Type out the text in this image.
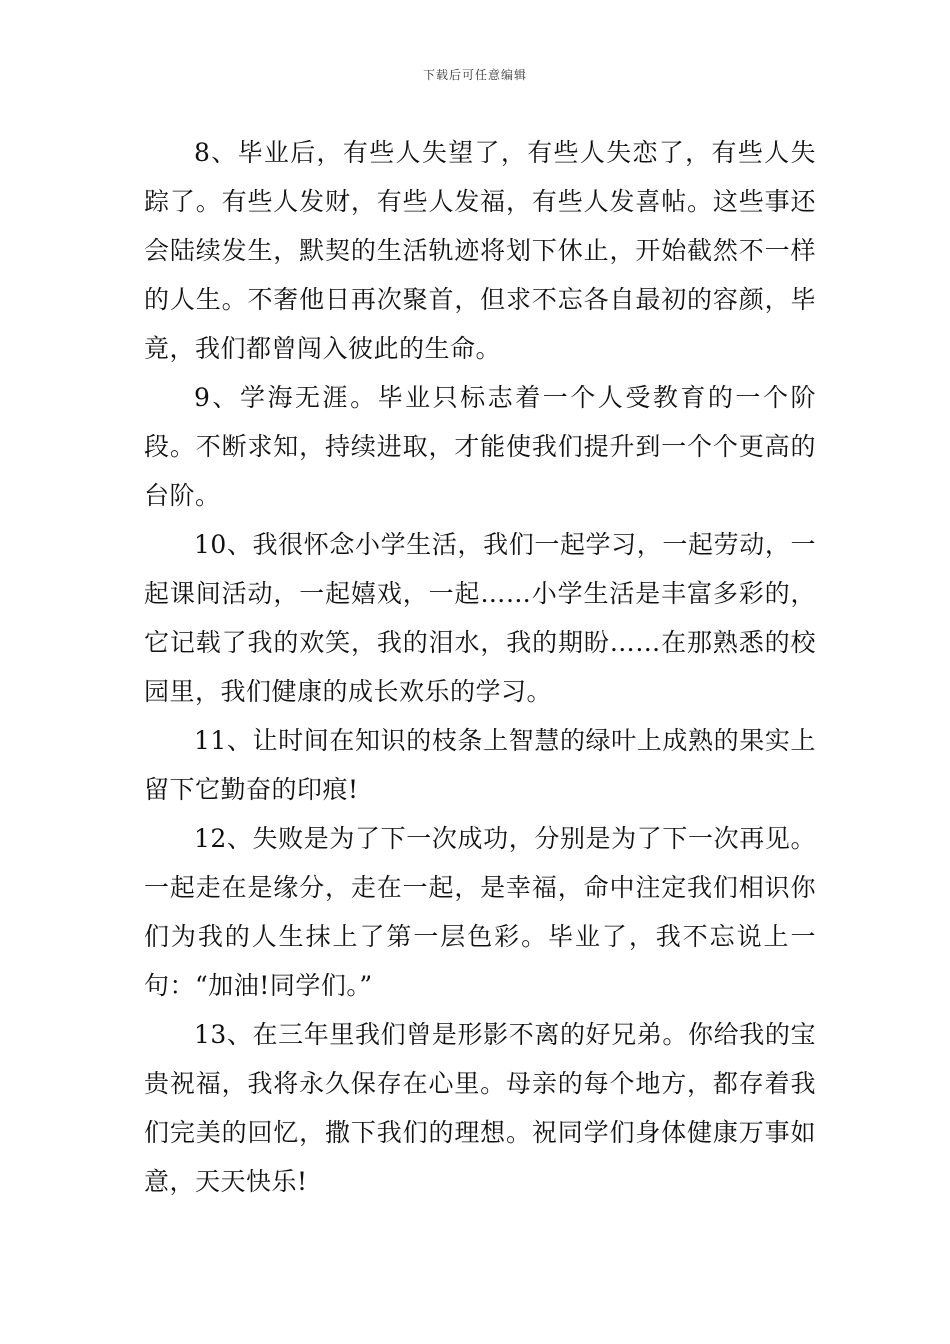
下载后可任意编辑

8、毕业后，有些人失望了，有些人失恋了，有些人失踪了。有些人发财，有些人发福，有些人发喜帖。这些事还会陆续发生，默契的生活轨迹将划下休止，开始截然不一样的人生。不奢他日再次聚首，但求不忘各自最初的容颜，毕竟，我们都曾闯入彼此的生命。

9、学海无涯。毕业只标志着一个人受教育的一个阶段。不断求知，持续进取，才能使我们提升到一个个更高的台阶。

10、我很怀念小学生活，我们一起学习，一起劳动，一起课间活动，一起嬉戏，一起……小学生活是丰富多彩的，它记载了我的欢笑，我的泪水，我的期盼……在那熟悉的校园里，我们健康的成长欢乐的学习。

11、让时间在知识的枝条上智慧的绿叶上成熟的果实上留下它勤奋的印痕!

12、失败是为了下一次成功，分别是为了下一次再见。一起走在是缘分，走在一起，是幸福，命中注定我们相识你们为我的人生抹上了第一层色彩。毕业了，我不忘说上一句：“加油!同学们。”

13、在三年里我们曾是形影不离的好兄弟。你给我的宝贵祝福，我将永久保存在心里。母亲的每个地方，都存着我们完美的回忆，撒下我们的理想。祝同学们身体健康万事如意，天天快乐!
